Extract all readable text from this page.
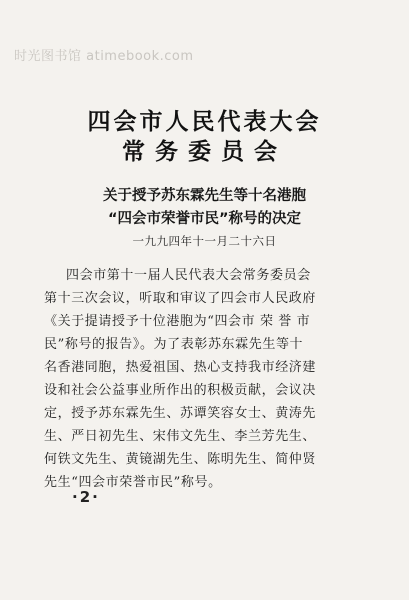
时光图书馆 atimebook.com
四会市人民代表大会
常务委员会
关于授予苏东霖先生等十名港胞
“四会市荣誉市民”称号的决定
一九九四年十一月二十六日
四会市第十一届人民代表大会常务委员会
第十三次会议，听取和审议了四会市人民政府
《关于提请授予十位港胞为“四会市 荣 誉 市
民”称号的报告》。为了表彰苏东霖先生等十
名香港同胞，热爱祖国、热心支持我市经济建
设和社会公益事业所作出的积极贡献，会议决
定，授予苏东霖先生、苏谭笑容女士、黄涛先
生、严日初先生、宋伟文先生、李兰芳先生、
何铁文先生、黄镜湖先生、陈明先生、简仲贤
先生“四会市荣誉市民”称号。
·2·
